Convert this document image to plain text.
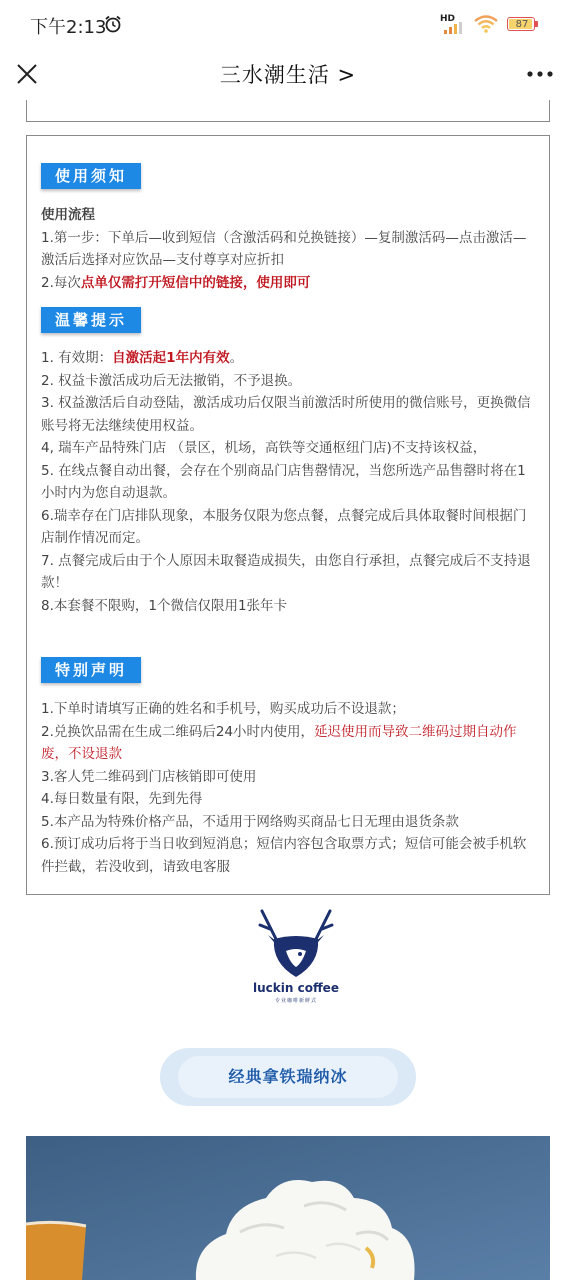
下午2:13	HD	87
三水潮生活 >
使用须知

使用流程

1.第一步：下单后—收到短信（含激活码和兑换链接）—复制激活码—点击激活—激活后选择对应饮品—支付尊享对应折扣

2.每次点单仅需打开短信中的链接，使用即可

温馨提示

1. 有效期：自激活起1年内有效。

2. 权益卡激活成功后无法撤销，不予退换。

3. 权益激活后自动登陆，激活成功后仅限当前激活时所使用的微信账号，更换微信账号将无法继续使用权益。

4, 瑞车产品特殊门店 （景区，机场，高铁等交通枢纽门店)不支持该权益，

5. 在线点餐自动出餐，会存在个别商品门店售罄情况，当您所选产品售罄时将在1小时内为您自动退款。

6.瑞幸存在门店排队现象，本服务仅限为您点餐，点餐完成后具体取餐时间根据门店制作情况而定。

7. 点餐完成后由于个人原因未取餐造成损失，由您自行承担，点餐完成后不支持退款！

8.本套餐不限购，1个微信仅限用1张年卡

特别声明

1.下单时请填写正确的姓名和手机号，购买成功后不设退款；

2.兑换饮品需在生成二维码后24小时内使用，延迟使用而导致二维码过期自动作废，不设退款

3.客人凭二维码到门店核销即可使用

4.每日数量有限，先到先得

5.本产品为特殊价格产品，不适用于网络购买商品七日无理由退货条款

6.预订成功后将于当日收到短消息；短信内容包含取票方式；短信可能会被手机软件拦截，若没收到，请致电客服

luckin coffee
专业咖啡新鲜式
经典拿铁瑞纳冰
